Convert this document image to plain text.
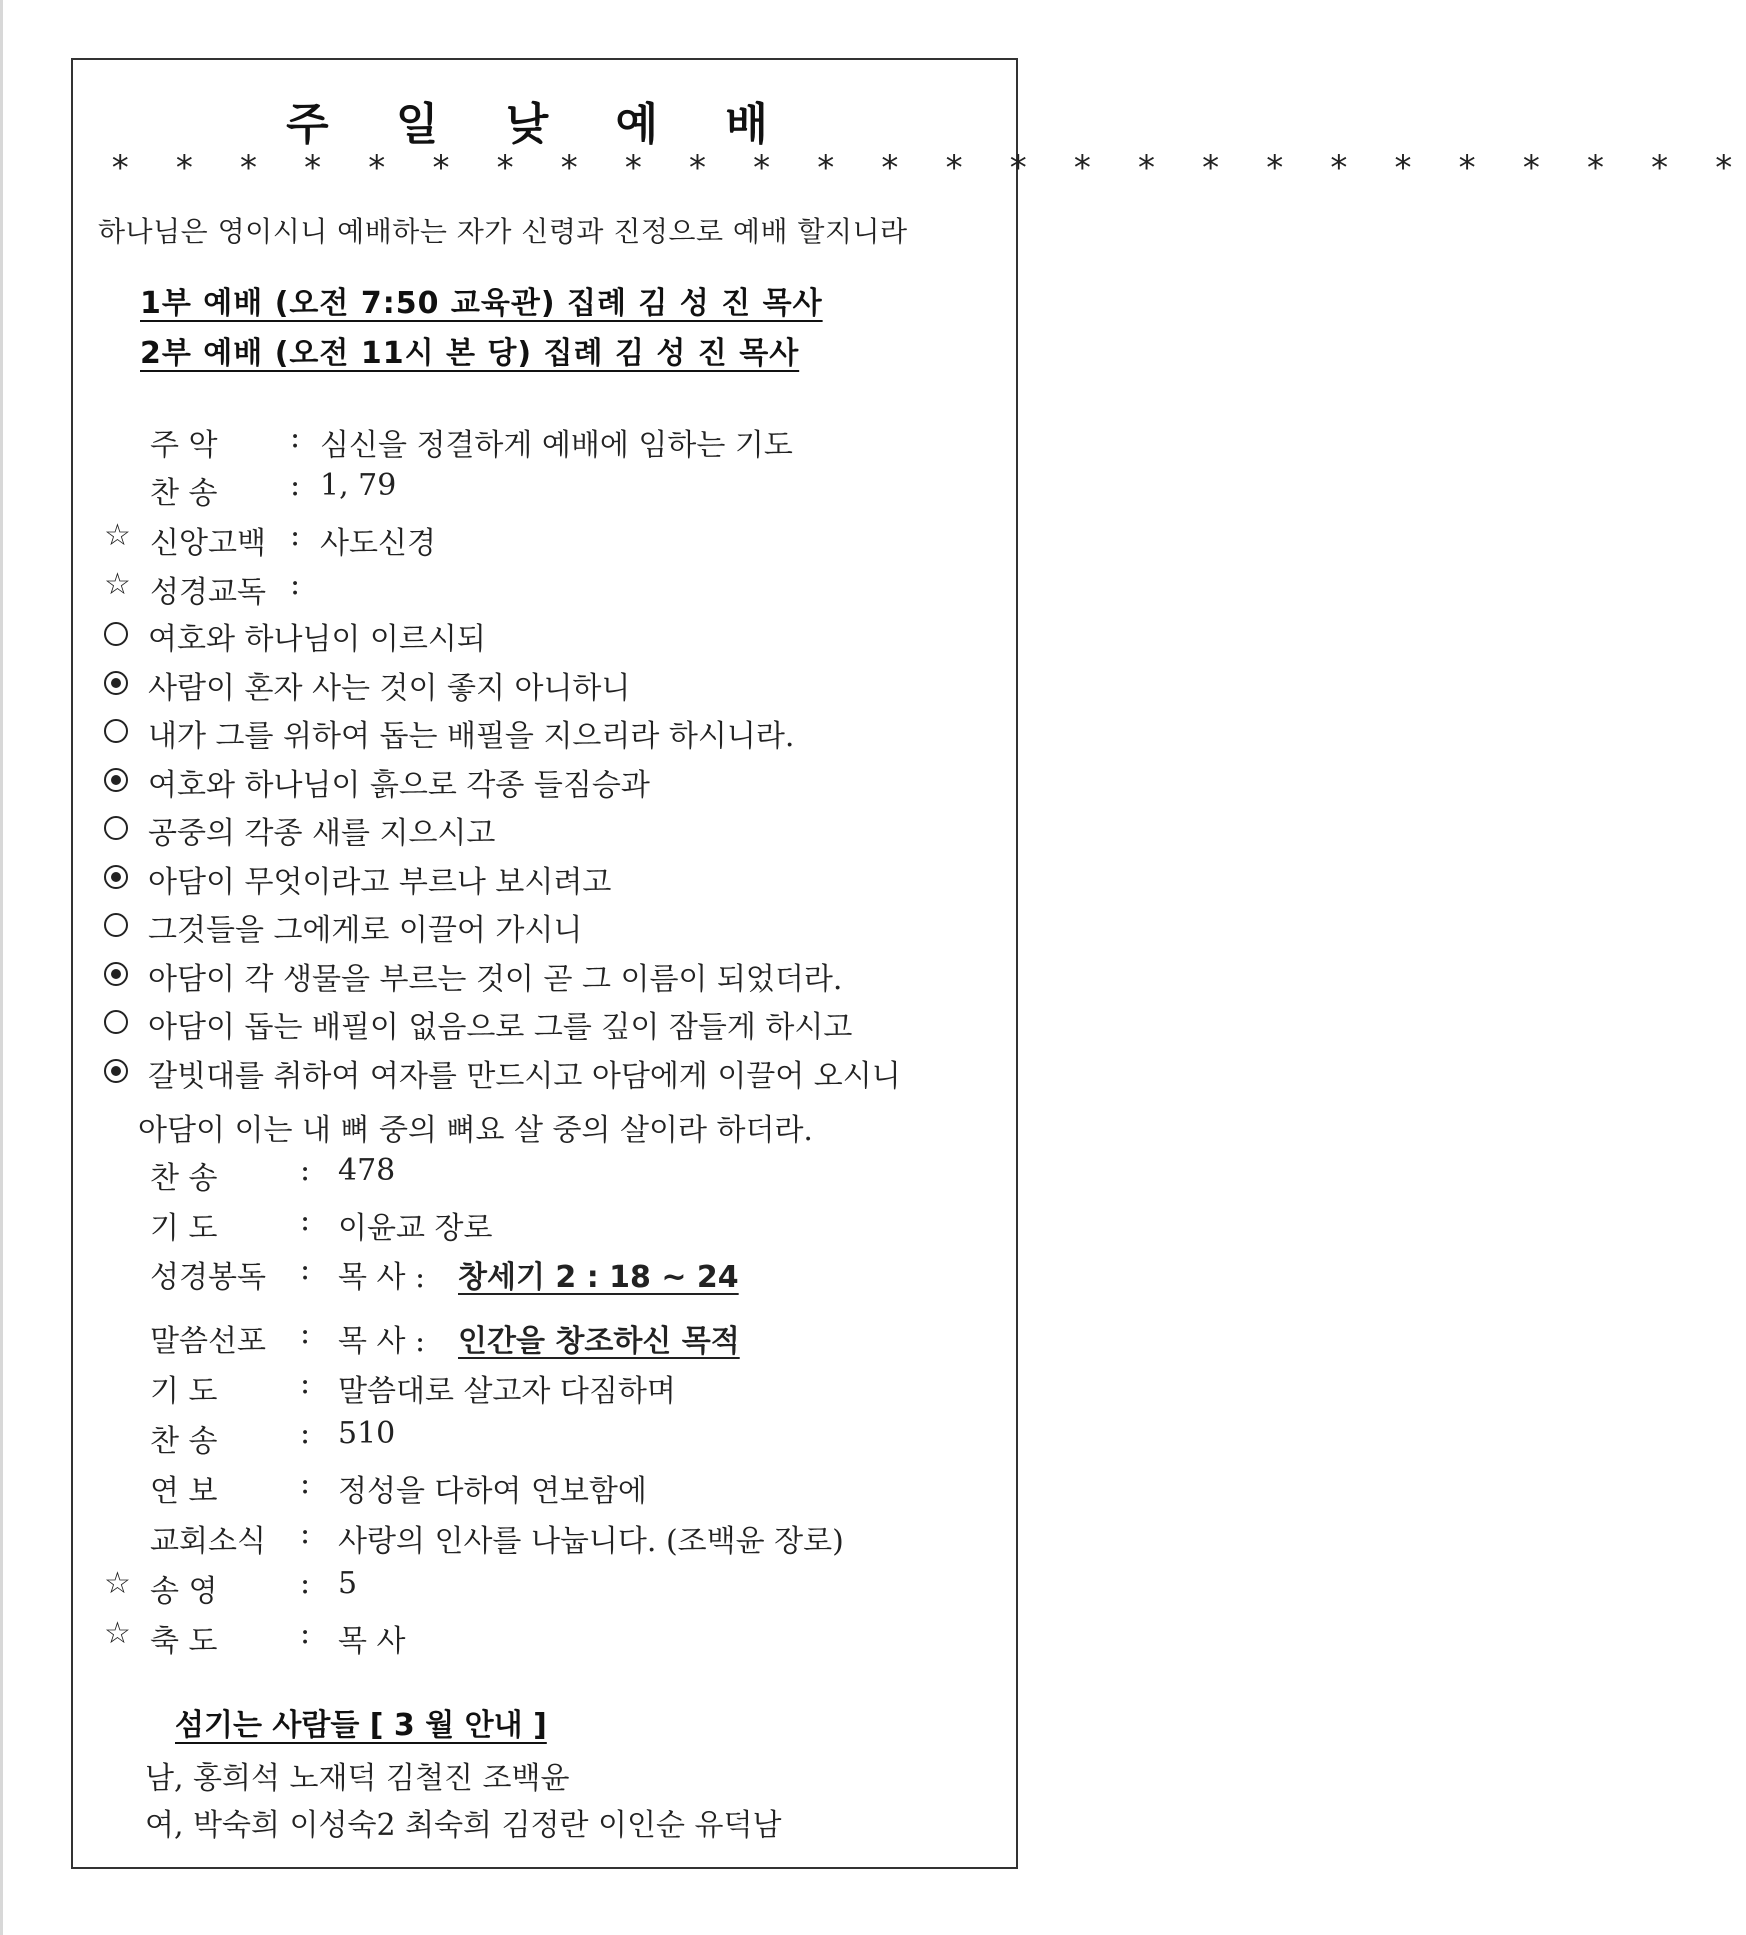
주 일 낮 예 배
* * * * * * * * * * * * * * * * * * * * * * * * * *
하나님은 영이시니 예배하는 자가 신령과 진정으로 예배 할지니라
1부 예배 (오전 7:50 교육관) 집례 김 성 진 목사
2부 예배 (오전 11시 본 당) 집례 김 성 진 목사
주 악 : 심신을 정결하게 예배에 임하는 기도
찬 송 : 1, 79
☆ 신앙고백 : 사도신경
☆ 성경교독 :
여호와 하나님이 이르시되
사람이 혼자 사는 것이 좋지 아니하니
내가 그를 위하여 돕는 배필을 지으리라 하시니라.
여호와 하나님이 흙으로 각종 들짐승과
공중의 각종 새를 지으시고
아담이 무엇이라고 부르나 보시려고
그것들을 그에게로 이끌어 가시니
아담이 각 생물을 부르는 것이 곧 그 이름이 되었더라.
아담이 돕는 배필이 없음으로 그를 깊이 잠들게 하시고
갈빗대를 취하여 여자를 만드시고 아담에게 이끌어 오시니
아담이 이는 내 뼈 중의 뼈요 살 중의 살이라 하더라.
찬 송	: 478
기 도	: 이윤교 장로
성경봉독 : 목 사 : 창세기 2 : 18 ~ 24
말씀선포 : 목 사 : 인간을 창조하신 목적
기 도	: 말씀대로 살고자 다짐하며
찬 송	: 510
연 보	: 정성을 다하여 연보함에
교회소식 : 사랑의 인사를 나눕니다. (조백윤 장로)
☆ 송 영	: 5
☆ 축 도	: 목 사
섬기는 사람들 [ 3 월 안내 ]
남, 홍희석 노재덕 김철진 조백윤
여, 박숙희 이성숙2 최숙희 김정란 이인순 유덕남
